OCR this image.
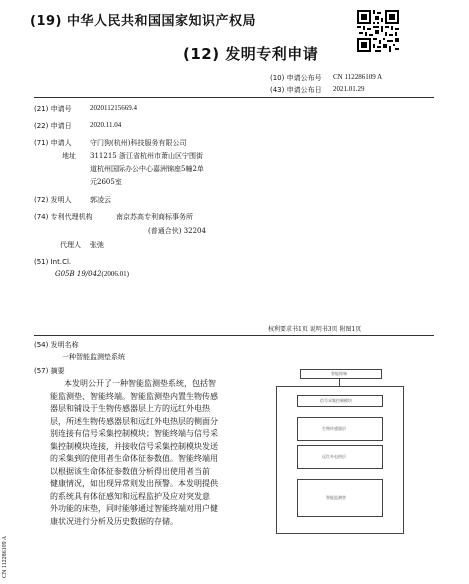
(19) 中华人民共和国国家知识产权局
(12) 发明专利申请
(10) 申请公布号 CN 112286109 A
(43) 申请公布日 2021.01.29
(21) 申请号	202011215669.4
(22) 申请日	2020.11.04
(71) 申请人	守门狗(杭州)科技服务有限公司
地址 311215 浙江省杭州市萧山区宁围街
道杭州国际办公中心嘉洲锦座5幢2单
元2605室
(72) 发明人	郭凌云
(74) 专利代理机构	南京苏高专利商标事务所
(普通合伙) 32204
代理人 张弛
(51) Int.Cl.
G05B 19/042(2006.01)
权利要求书1页 说明书3页 附图1页
(54) 发明名称
一种智能监测垫系统
(57) 摘要
本发明公开了一种智能监测垫系统，包括智
能监测垫、智能终端。智能监测垫内置生物传感
器层和铺设于生物传感器层上方的远红外电热
层，所述生物传感器层和远红外电热层的侧面分
别连接有信号采集控制模块；智能终端与信号采
集控制模块连接，并接收信号采集控制模块发送
的采集到的使用者生命体征参数值。智能终端用
以根据该生命体征参数值分析得出使用者当前
健康情况，如出现异常则发出预警。本发明提供
的系统具有体征感知和远程监护及应对突发意
外功能的床垫，同时能够通过智能终端对用户健
康状况进行分析及历史数据的存储。
智能终端
信号采集控制模块
生物传感器层
远红外电热层
智能监测垫
CN 112286109 A
